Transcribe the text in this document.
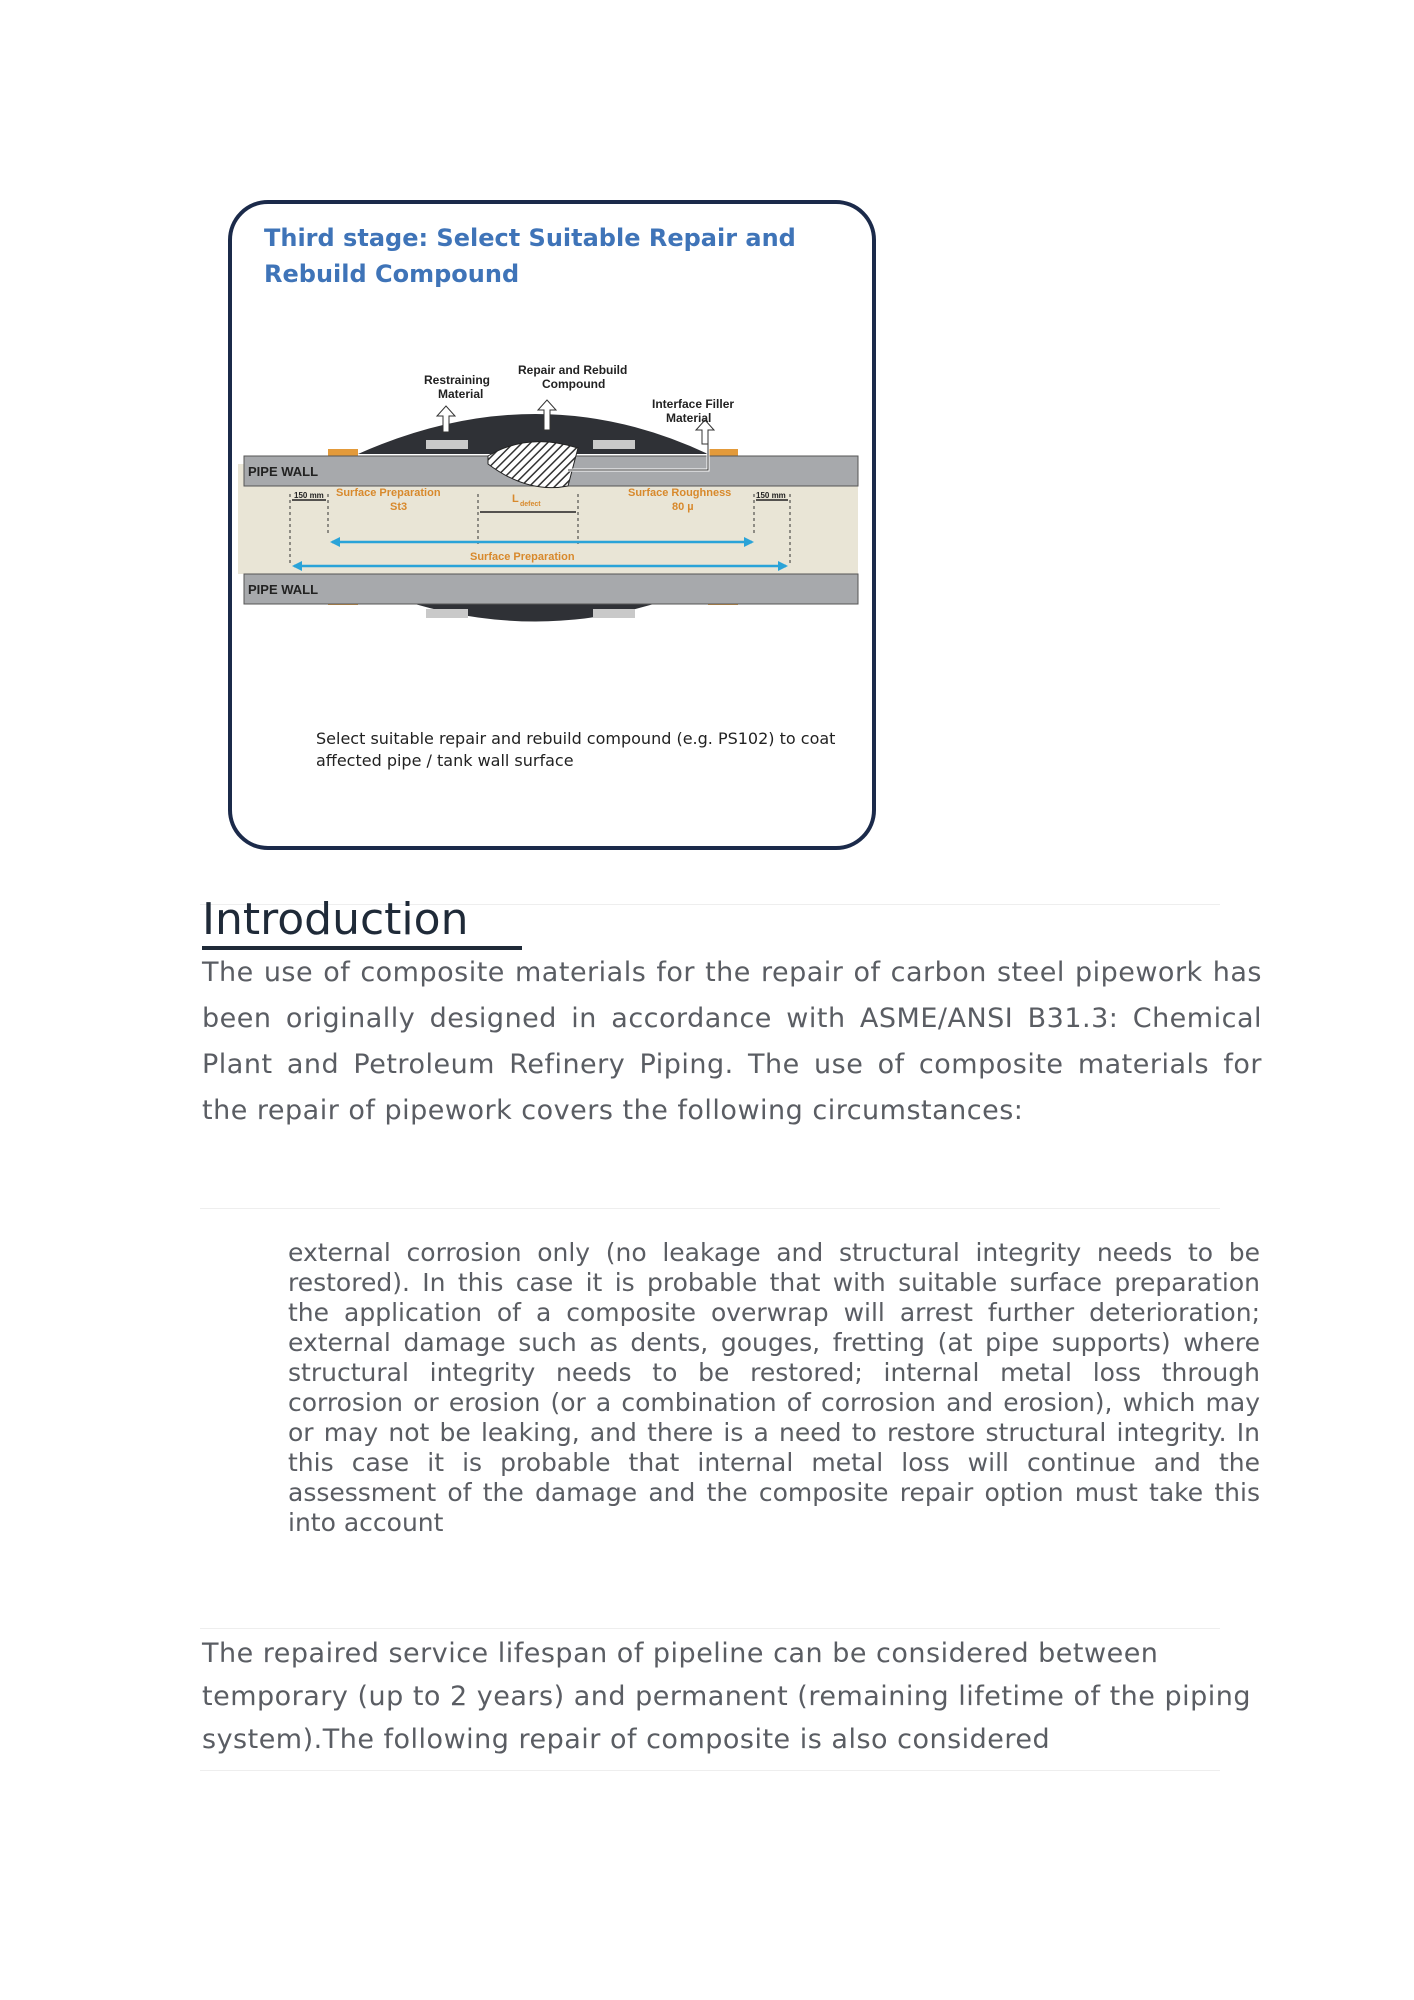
Third stage: Select Suitable Repair and Rebuild Compound
Restraining
Material
Repair and Rebuild
Compound
Interface Filler
Material
PIPE WALL
PIPE WALL
150 mm	150 mm
Surface Preparation
St3
L defect
Surface Roughness
80 µ
Surface Preparation
Select suitable repair and rebuild compound (e.g. PS102) to coat affected pipe / tank wall surface
Introduction

The use of composite materials for the repair of carbon steel pipework has been originally designed in accordance with ASME/ANSI B31.3: Chemical Plant and Petroleum Refinery Piping. The use of composite materials for the repair of pipework covers the following circumstances:

external corrosion only (no leakage and structural integrity needs to be restored). In this case it is probable that with suitable surface preparation the application of a composite overwrap will arrest further deterioration; external damage such as dents, gouges, fretting (at pipe supports) where structural integrity needs to be restored; internal metal loss through corrosion or erosion (or a combination of corrosion and erosion), which may or may not be leaking, and there is a need to restore structural integrity. In this case it is probable that internal metal loss will continue and the assessment of the damage and the composite repair option must take this into account

The repaired service lifespan of pipeline can be considered between temporary (up to 2 years) and permanent (remaining lifetime of the piping system).The following repair of composite is also considered
